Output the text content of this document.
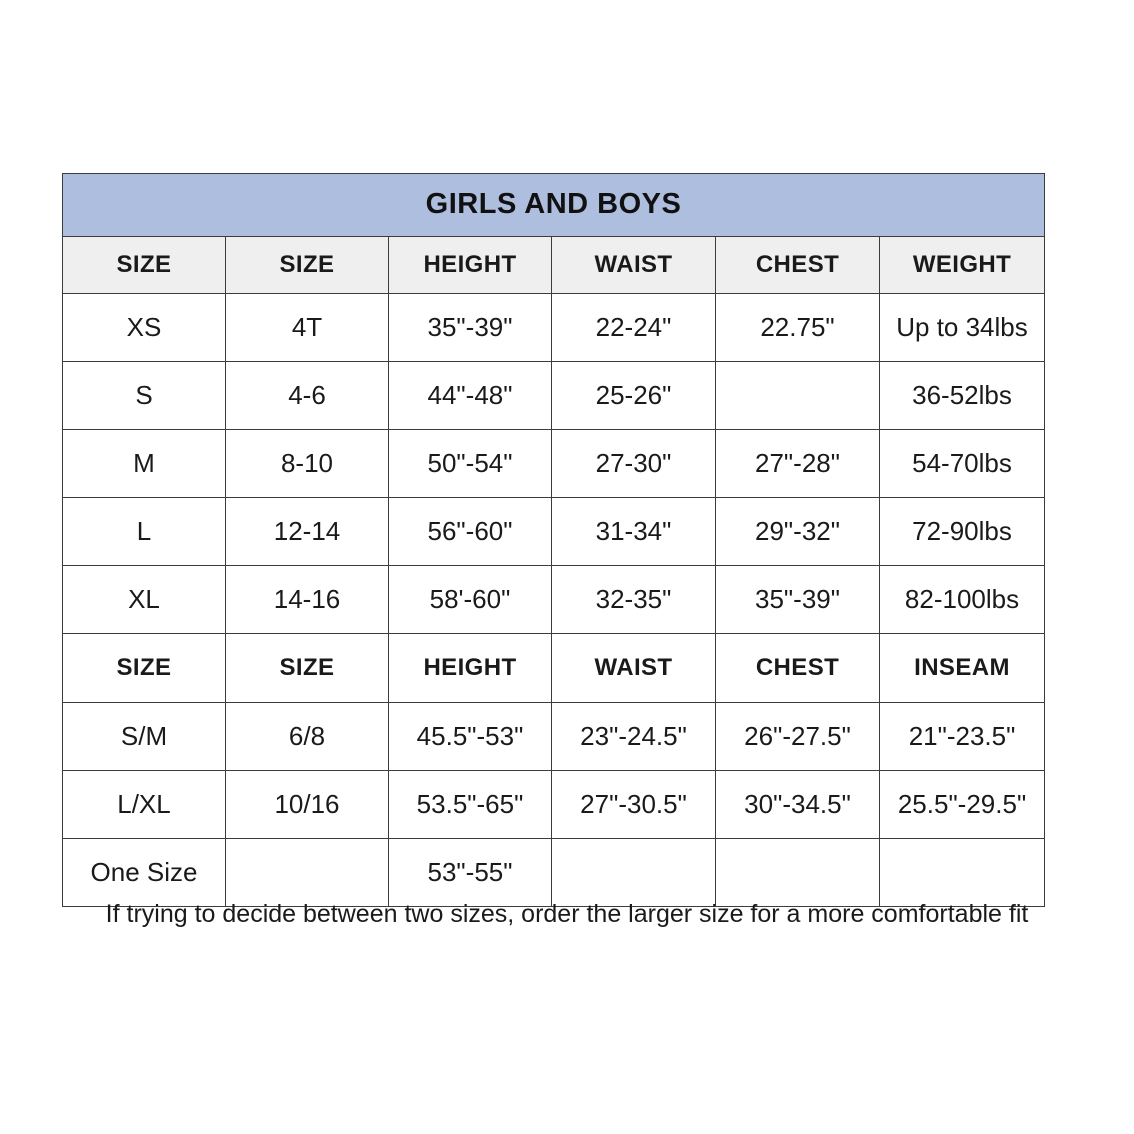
GIRLS AND BOYS					
SIZE	SIZE	HEIGHT	WAIST	CHEST	WEIGHT
XS	4T	35"-39"	22-24"	22.75"	Up to 34lbs
S	4-6	44"-48"	25-26"		36-52lbs
M	8-10	50"-54"	27-30"	27"-28"	54-70lbs
L	12-14	56"-60"	31-34"	29"-32"	72-90lbs
XL	14-16	58'-60"	32-35"	35"-39"	82-100lbs
SIZE	SIZE	HEIGHT	WAIST	CHEST	INSEAM
S/M	6/8	45.5"-53"	23"-24.5"	26"-27.5"	21"-23.5"
L/XL	10/16	53.5"-65"	27"-30.5"	30"-34.5"	25.5"-29.5"
One Size		53"-55"			
If trying to decide between two sizes, order the larger size for a more comfortable fit
